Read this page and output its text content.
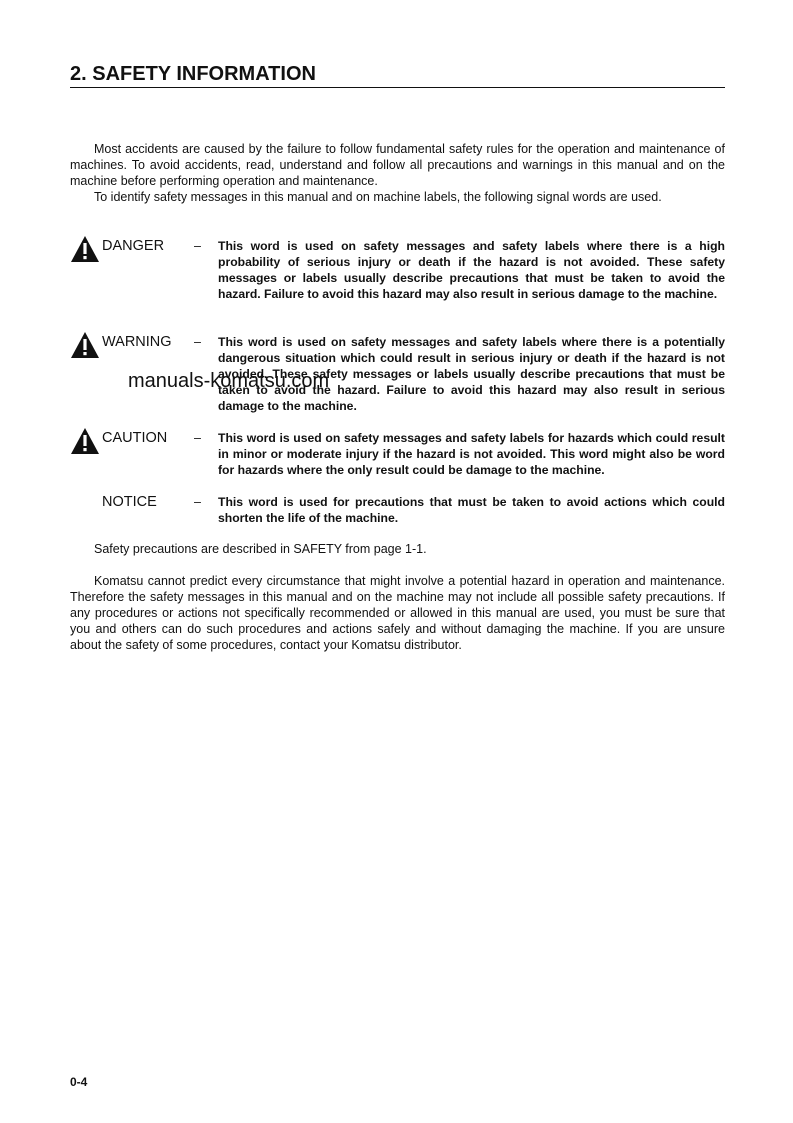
2. SAFETY INFORMATION
Most accidents are caused by the failure to follow fundamental safety rules for the operation and maintenance of machines. To avoid accidents, read, understand and follow all precautions and warnings in this manual and on the machine before performing operation and maintenance.
To identify safety messages in this manual and on machine labels, the following signal words are used.
DANGER – This word is used on safety messages and safety labels where there is a high probability of serious injury or death if the hazard is not avoided. These safety messages or labels usually describe precautions that must be taken to avoid the hazard. Failure to avoid this hazard may also result in serious damage to the machine.
WARNING – This word is used on safety messages and safety labels where there is a potentially dangerous situation which could result in serious injury or death if the hazard is not avoided. These safety messages or labels usually describe precautions that must be taken to avoid the hazard. Failure to avoid this hazard may also result in serious damage to the machine.
CAUTION – This word is used on safety messages and safety labels for hazards which could result in minor or moderate injury if the hazard is not avoided. This word might also be word for hazards where the only result could be damage to the machine.
NOTICE	– This word is used for precautions that must be taken to avoid actions which could shorten the life of the machine.
Safety precautions are described in SAFETY from page 1-1.
Komatsu cannot predict every circumstance that might involve a potential hazard in operation and maintenance. Therefore the safety messages in this manual and on the machine may not include all possible safety precautions. If any procedures or actions not specifically recommended or allowed in this manual are used, you must be sure that you and others can do such procedures and actions safely and without damaging the machine. If you are unsure about the safety of some procedures, contact your Komatsu distributor.
manuals-komatsu.com
0-4
